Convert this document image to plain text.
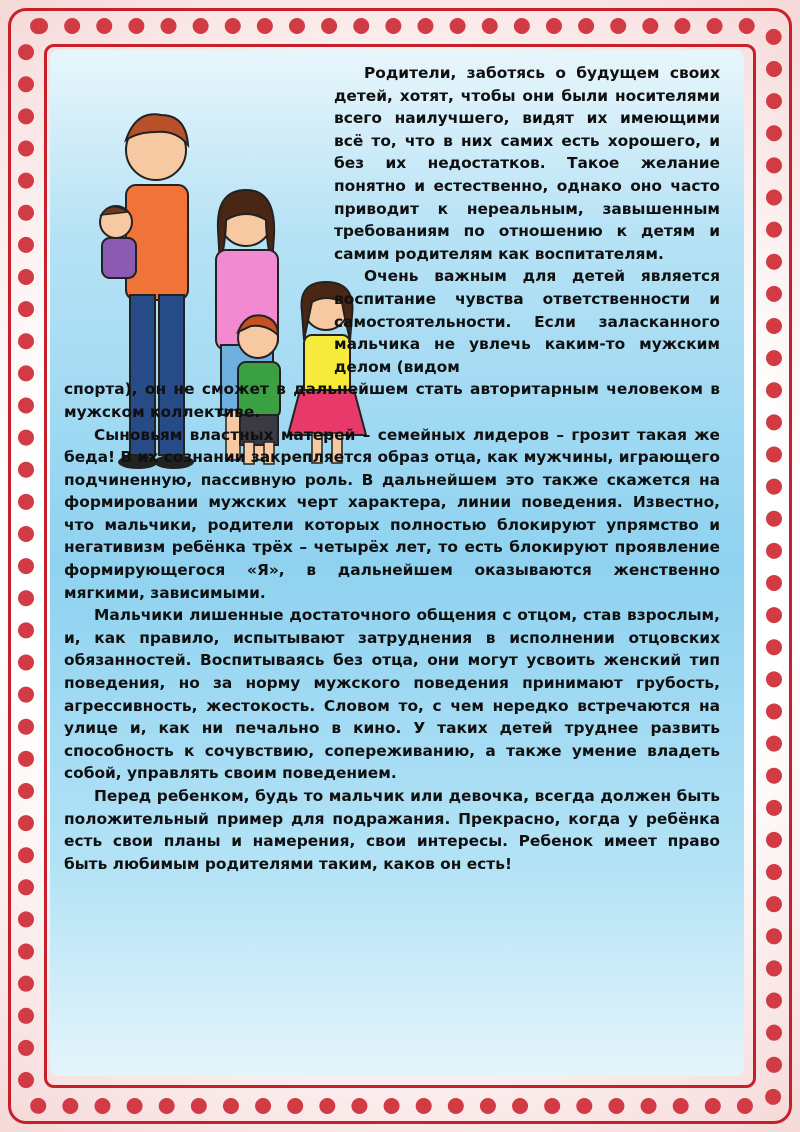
Родители, заботясь о будущем своих детей, хотят, чтобы они были носителями всего наилучшего, видят их имеющими всё то, что в них самих есть хорошего, и без их недостатков. Такое желание понятно и естественно, однако оно часто приводит к нереальным, завышенным требованиям по отношению к детям и самим родителям как воспитателям.

Очень важным для детей является воспитание чувства ответственности и самостоятельности. Если заласканного мальчика не увлечь каким-то мужским делом (видом

спорта), он не сможет в дальнейшем стать авторитарным человеком в мужском коллективе.

Сыновьям властных матерей – семейных лидеров – грозит такая же беда! В их сознании закрепляется образ отца, как мужчины, играющего подчиненную, пассивную роль. В дальнейшем это также скажется на формировании мужских черт характера, линии поведения. Известно, что мальчики, родители которых полностью блокируют упрямство и негативизм ребёнка трёх – четырёх лет, то есть блокируют проявление формирующегося «Я», в дальнейшем оказываются женственно мягкими, зависимыми.

Мальчики лишенные достаточного общения с отцом, став взрослым, и, как правило, испытывают затруднения в исполнении отцовских обязанностей. Воспитываясь без отца, они могут усвоить женский тип поведения, но за норму мужского поведения принимают грубость, агрессивность, жестокость. Словом то, с чем нередко встречаются на улице и, как ни печально в кино. У таких детей труднее развить способность к сочувствию, сопереживанию, а также умение владеть собой, управлять своим поведением.

Перед ребенком, будь то мальчик или девочка, всегда должен быть положительный пример для подражания. Прекрасно, когда у ребёнка есть свои планы и намерения, свои интересы. Ребенок имеет право быть любимым родителями таким, каков он есть!
